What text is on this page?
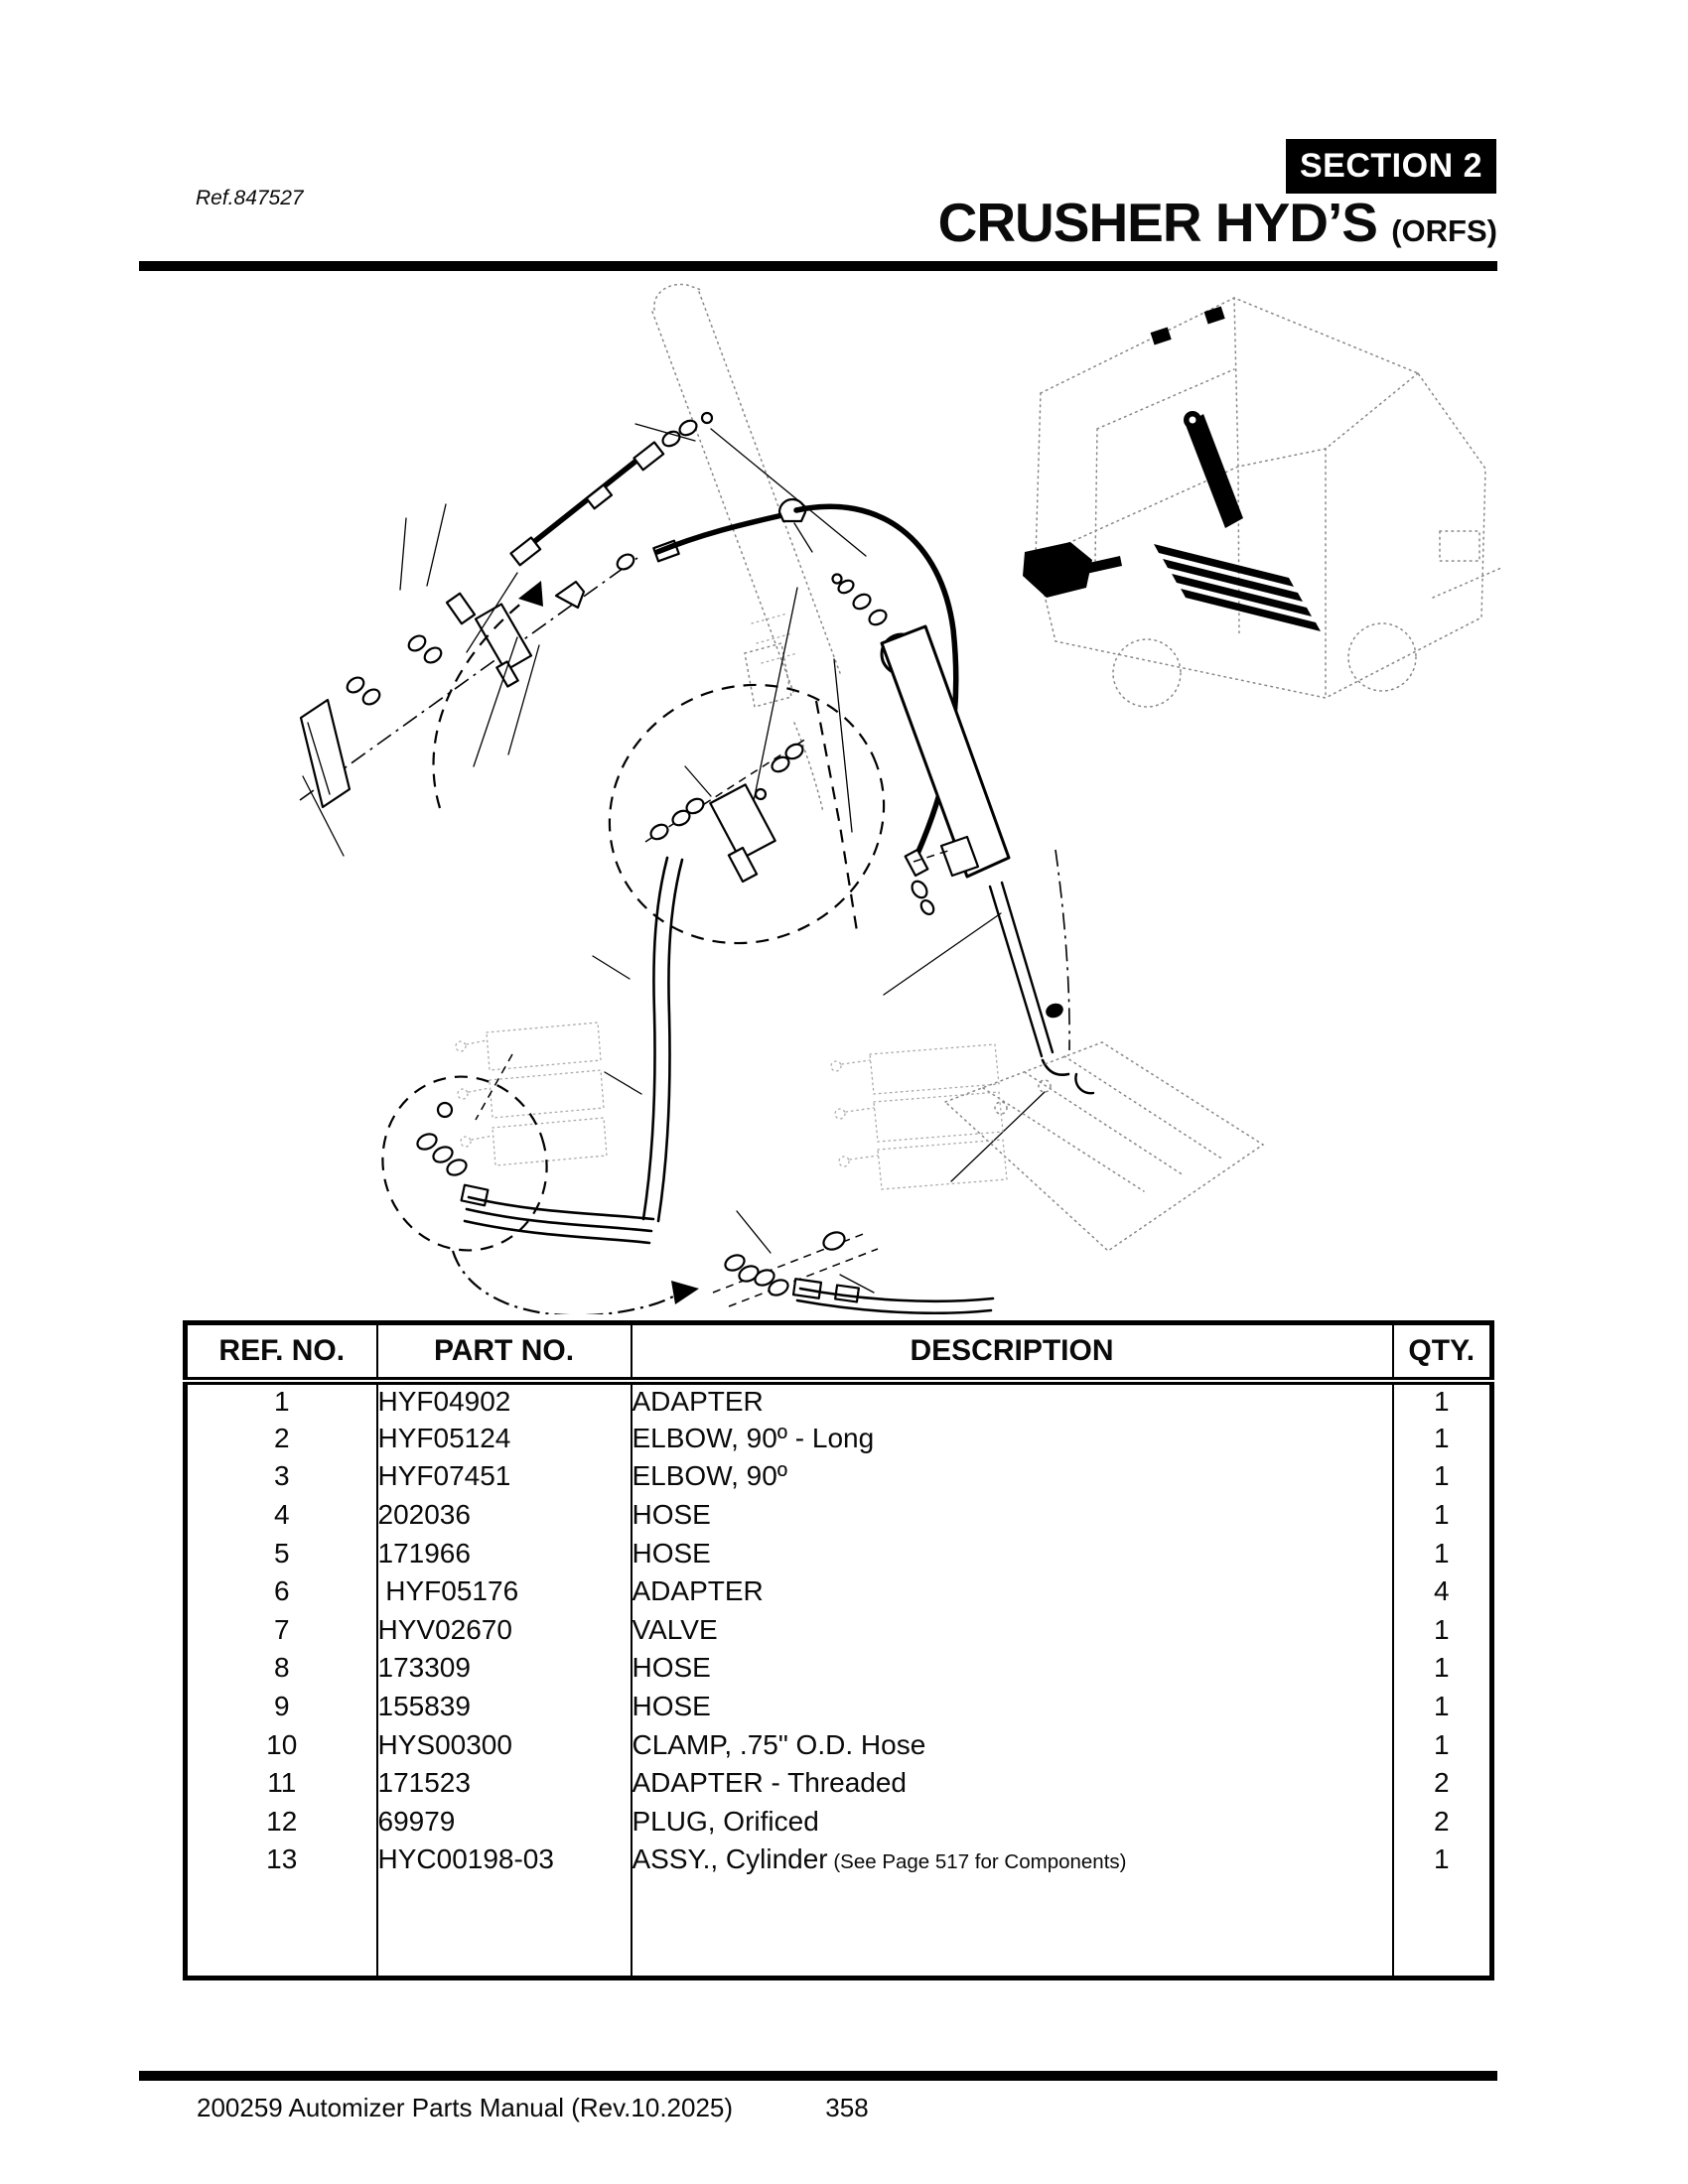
Ref.847527
SECTION 2
CRUSHER HYD’S (ORFS)
REF. NO.	PART NO.	DESCRIPTION	QTY.
1	HYF04902	ADAPTER	1
2	HYF05124	ELBOW, 90º - Long	1
3	HYF07451	ELBOW, 90º	1
4	202036	HOSE	1
5	171966	HOSE	1
6	HYF05176	ADAPTER	4
7	HYV02670	VALVE	1
8	173309	HOSE	1
9	155839	HOSE	1
10	HYS00300	CLAMP, .75" O.D. Hose	1
11	171523	ADAPTER - Threaded	2
12	69979	PLUG, Orificed	2
13	HYC00198-03	ASSY., Cylinder (See Page 517 for Components)	1

200259 Automizer Parts Manual (Rev.10.2025)	358
